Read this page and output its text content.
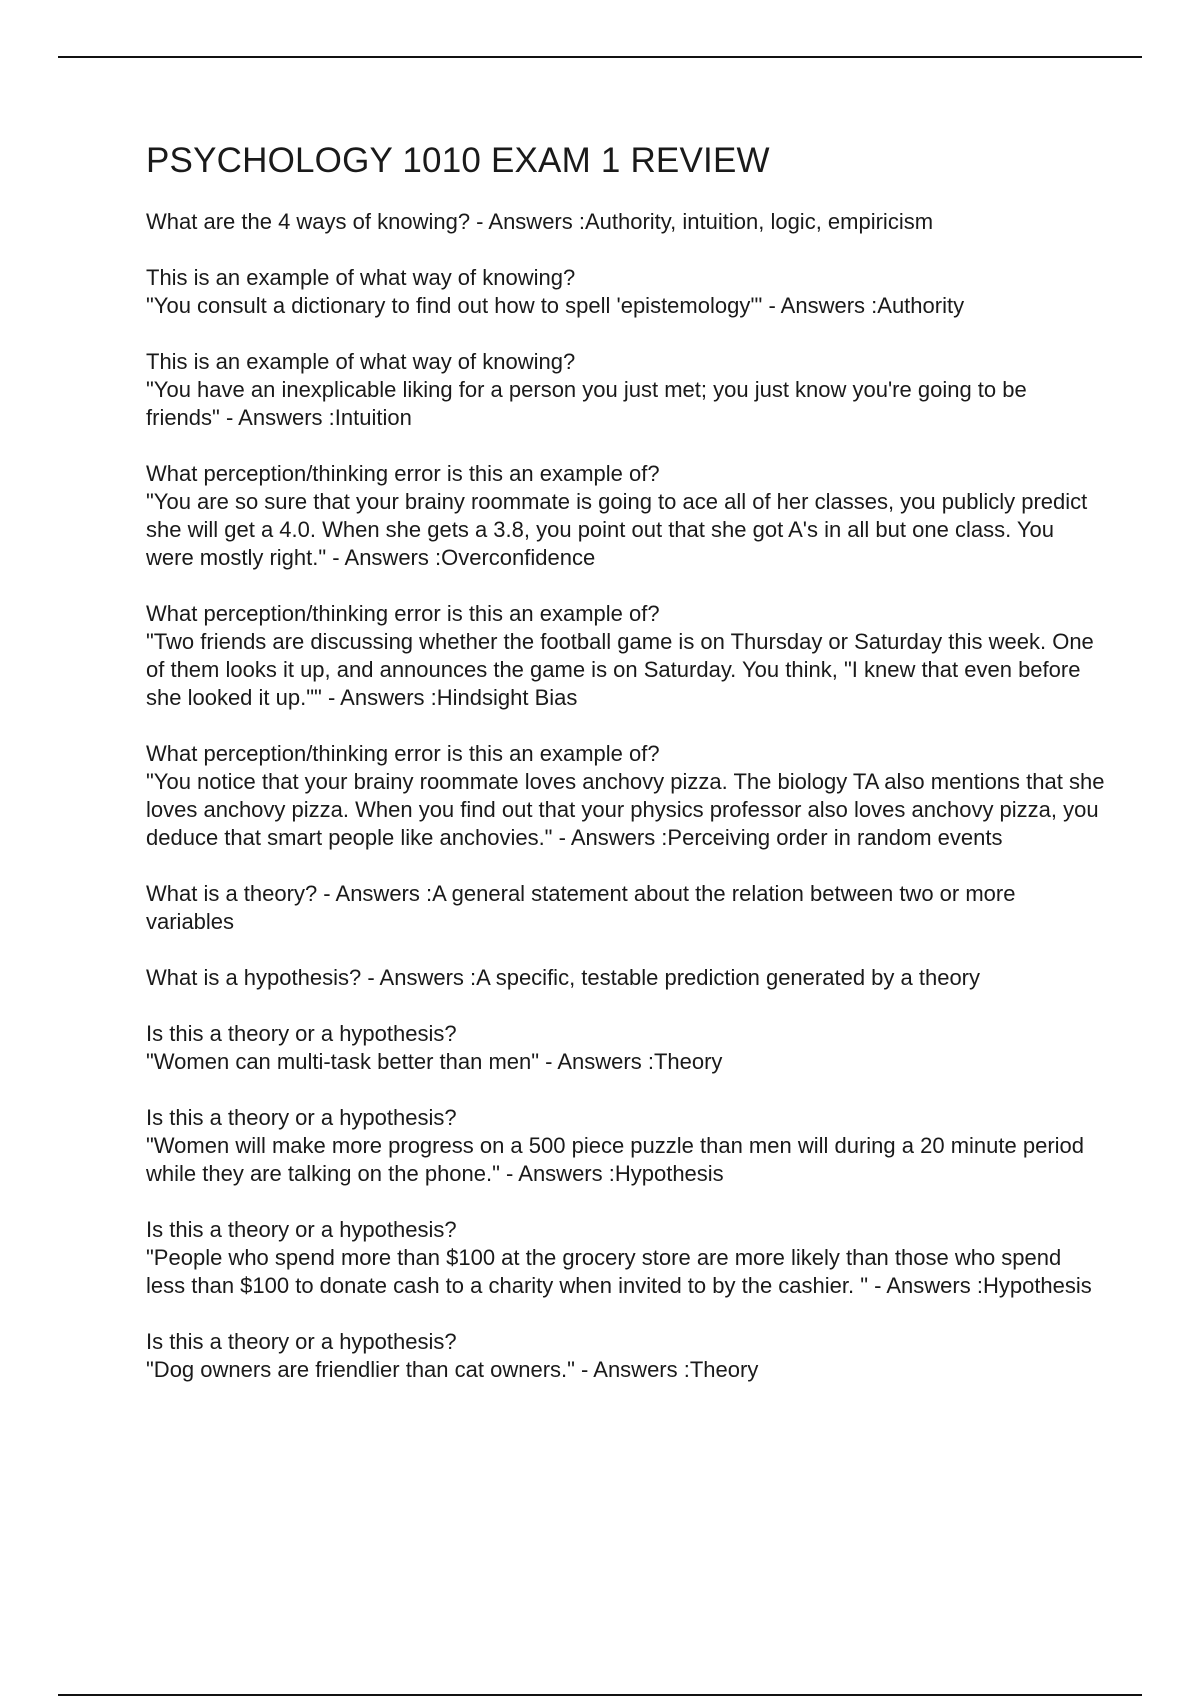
PSYCHOLOGY 1010 EXAM 1 REVIEW
What are the 4 ways of knowing? - Answers :Authority, intuition, logic, empiricism
This is an example of what way of knowing?
"You consult a dictionary to find out how to spell 'epistemology'" - Answers :Authority
This is an example of what way of knowing?
"You have an inexplicable liking for a person you just met; you just know you're going to be friends" - Answers :Intuition
What perception/thinking error is this an example of?
"You are so sure that your brainy roommate is going to ace all of her classes, you publicly predict she will get a 4.0. When she gets a 3.8, you point out that she got A's in all but one class. You were mostly right." - Answers :Overconfidence
What perception/thinking error is this an example of?
"Two friends are discussing whether the football game is on Thursday or Saturday this week. One of them looks it up, and announces the game is on Saturday. You think, "I knew that even before she looked it up."" - Answers :Hindsight Bias
What perception/thinking error is this an example of?
"You notice that your brainy roommate loves anchovy pizza. The biology TA also mentions that she loves anchovy pizza. When you find out that your physics professor also loves anchovy pizza, you deduce that smart people like anchovies." - Answers :Perceiving order in random events
What is a theory? - Answers :A general statement about the relation between two or more variables
What is a hypothesis? - Answers :A specific, testable prediction generated by a theory
Is this a theory or a hypothesis?
"Women can multi-task better than men" - Answers :Theory
Is this a theory or a hypothesis?
"Women will make more progress on a 500 piece puzzle than men will during a 20 minute period while they are talking on the phone." - Answers :Hypothesis
Is this a theory or a hypothesis?
"People who spend more than $100 at the grocery store are more likely than those who spend less than $100 to donate cash to a charity when invited to by the cashier. " - Answers :Hypothesis
Is this a theory or a hypothesis?
"Dog owners are friendlier than cat owners." - Answers :Theory
